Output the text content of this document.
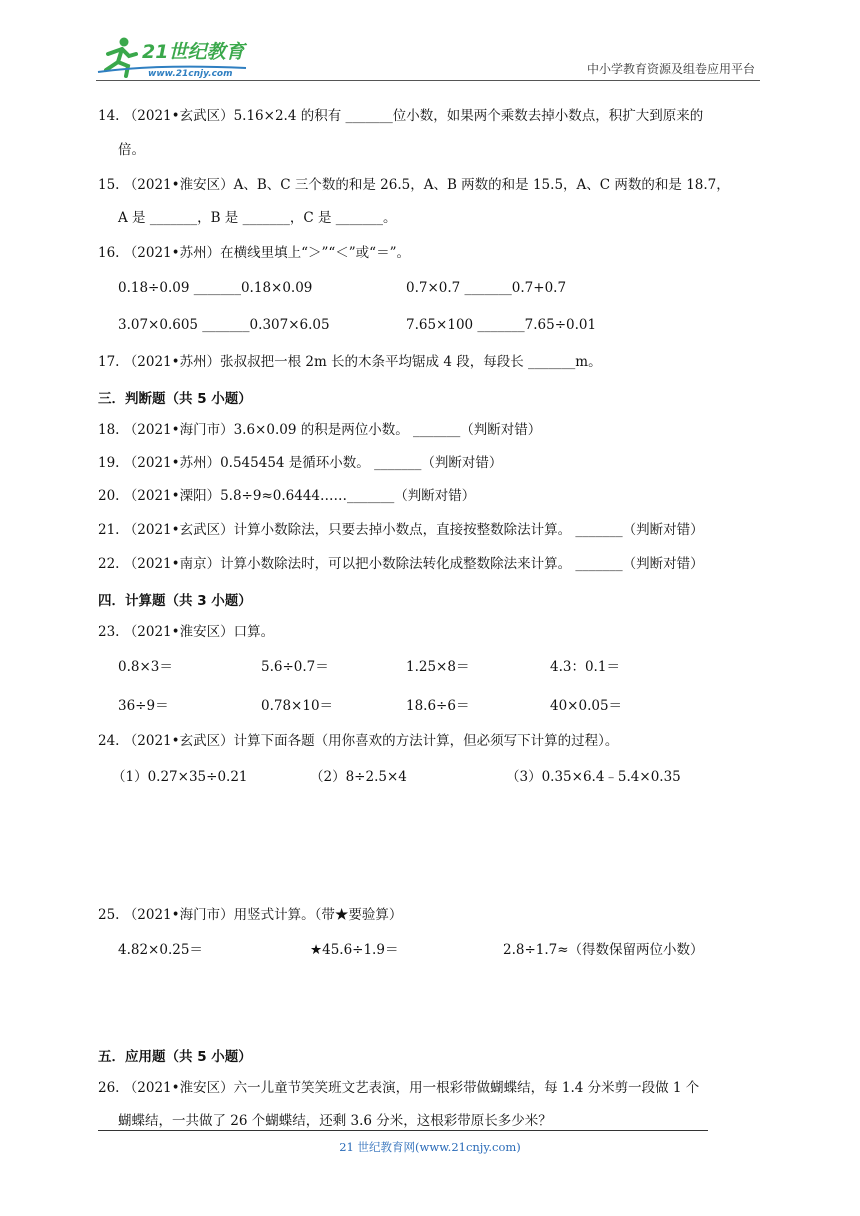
21世纪教育
www.21cnjy.com	中小学教育资源及组卷应用平台
14. （2021•玄武区）5.16×2.4 的积有 _______位小数，如果两个乘数去掉小数点，积扩大到原来的
倍。
15. （2021•淮安区）A、B、C 三个数的和是 26.5，A、B 两数的和是 15.5，A、C 两数的和是 18.7，
A 是 _______，B 是 _______，C 是 _______。
16. （2021•苏州）在横线里填上“＞”“＜”或“＝”。
0.18÷0.09 _______0.18×0.09	0.7×0.7 _______0.7+0.7
3.07×0.605 _______0.307×6.05	7.65×100 _______7.65÷0.01
17. （2021•苏州）张叔叔把一根 2m 长的木条平均锯成 4 段，每段长 _______m。
三．判断题（共 5 小题）
18. （2021•海门市）3.6×0.09 的积是两位小数。 _______（判断对错）
19. （2021•苏州）0.545454 是循环小数。 _______（判断对错）
20. （2021•溧阳）5.8÷9≈0.6444……_______（判断对错）
21. （2021•玄武区）计算小数除法，只要去掉小数点，直接按整数除法计算。 _______（判断对错）
22. （2021•南京）计算小数除法时，可以把小数除法转化成整数除法来计算。 _______（判断对错）
四．计算题（共 3 小题）
23. （2021•淮安区）口算。
0.8×3＝	5.6÷0.7＝	1.25×8＝	4.3：0.1＝
36÷9＝	0.78×10＝	18.6÷6＝	40×0.05＝
24. （2021•玄武区）计算下面各题（用你喜欢的方法计算，但必须写下计算的过程）。
（1）0.27×35÷0.21	（2）8÷2.5×4	（3）0.35×6.4﹣5.4×0.35
25. （2021•海门市）用竖式计算。（带★要验算）
4.82×0.25＝	★45.6÷1.9＝	2.8÷1.7≈（得数保留两位小数）
五．应用题（共 5 小题）
26. （2021•淮安区）六一儿童节笑笑班文艺表演，用一根彩带做蝴蝶结，每 1.4 分米剪一段做 1 个
蝴蝶结，一共做了 26 个蝴蝶结，还剩 3.6 分米，这根彩带原长多少米？
21 世纪教育网(www.21cnjy.com)
